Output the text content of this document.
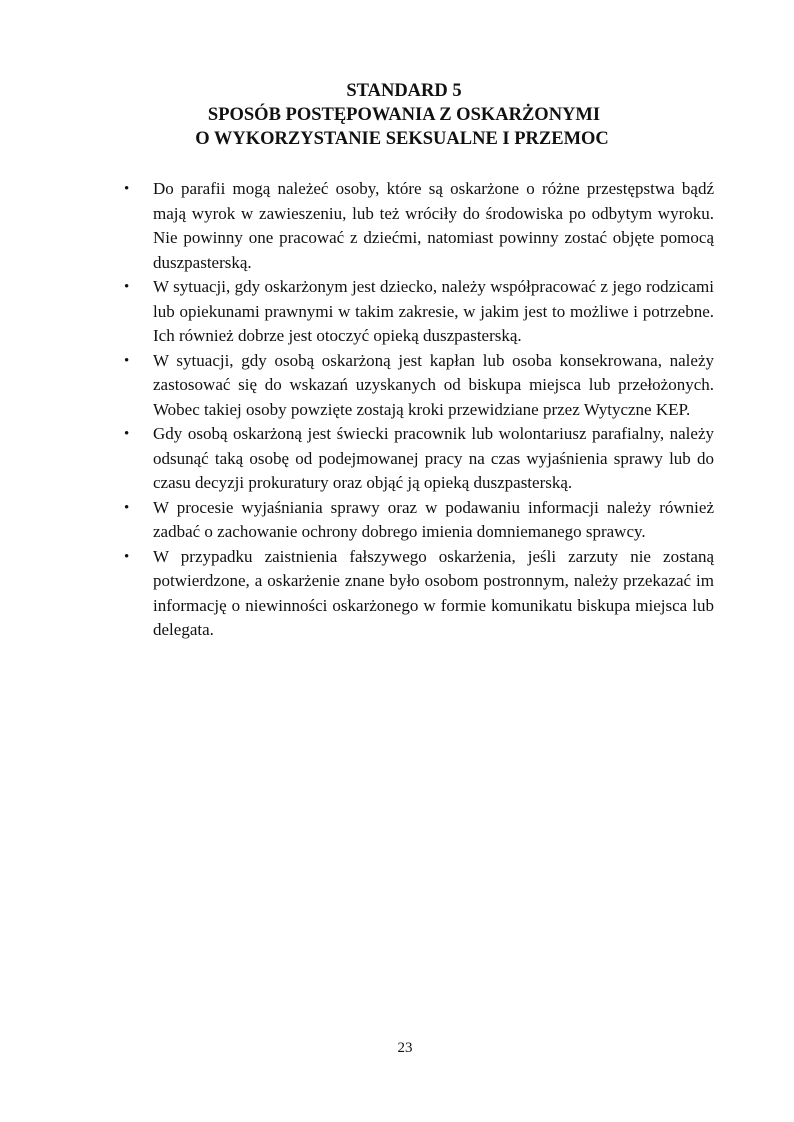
STANDARD 5
SPOSÓB POSTĘPOWANIA Z OSKARŻONYMI
O WYKORZYSTANIE SEKSUALNE I PRZEMOC
• Do parafii mogą należeć osoby, które są oskarżone o różne przestępstwa bądź mają wyrok w zawieszeniu, lub też wróciły do środowiska po odbytym wyroku. Nie powinny one pracować z dziećmi, natomiast powinny zostać objęte pomocą duszpasterską.
• W sytuacji, gdy oskarżonym jest dziecko, należy współpracować z jego rodzicami lub opiekunami prawnymi w takim zakresie, w jakim jest to możliwe i potrzebne. Ich również dobrze jest otoczyć opieką duszpasterską.
• W sytuacji, gdy osobą oskarżoną jest kapłan lub osoba konsekrowana, należy zastosować się do wskazań uzyskanych od biskupa miejsca lub przełożonych. Wobec takiej osoby powzięte zostają kroki przewidziane przez Wytyczne KEP.
• Gdy osobą oskarżoną jest świecki pracownik lub wolontariusz parafialny, należy odsunąć taką osobę od podejmowanej pracy na czas wyjaśnienia sprawy lub do czasu decyzji prokuratury oraz objąć ją opieką duszpasterską.
• W procesie wyjaśniania sprawy oraz w podawaniu informacji należy również zadbać o zachowanie ochrony dobrego imienia domniemanego sprawcy.
• W przypadku zaistnienia fałszywego oskarżenia, jeśli zarzuty nie zostaną potwierdzone, a oskarżenie znane było osobom postronnym, należy przekazać im informację o niewinności oskarżonego w formie komunikatu biskupa miejsca lub delegata.
23
